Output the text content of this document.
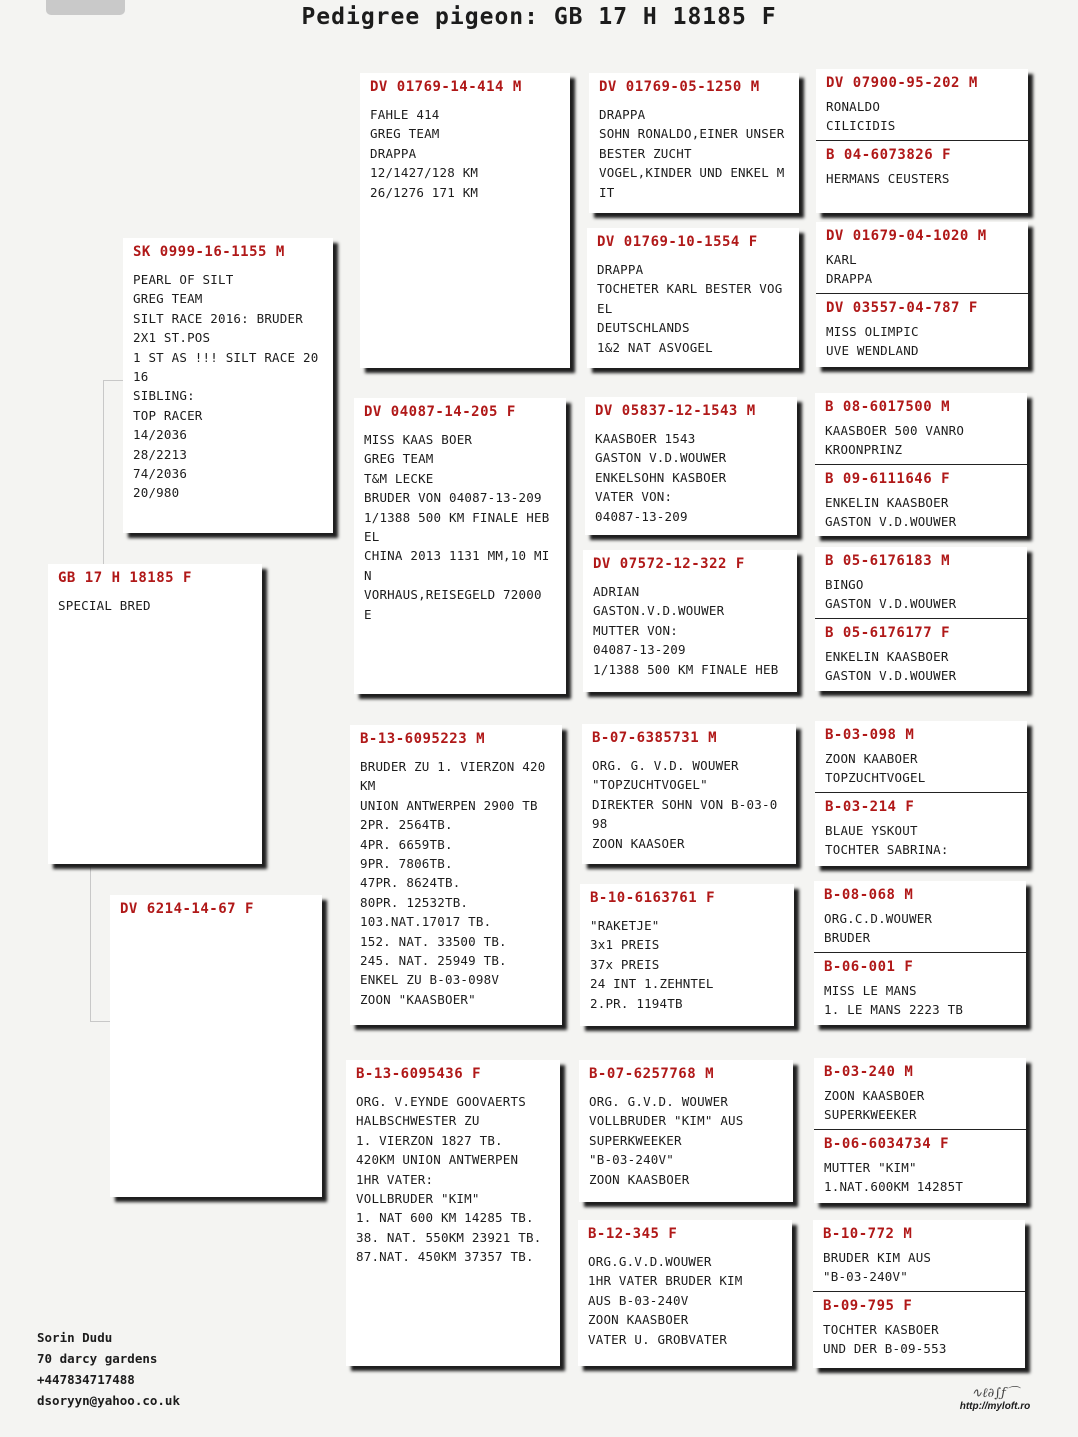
Pedigree pigeon: GB 17 H 18185 F
GB 17 H 18185 F
SPECIAL BRED
SK 0999-16-1155 M
PEARL OF SILT
GREG TEAM
SILT RACE 2016: BRUDER
2X1 ST.POS
1 ST AS !!! SILT RACE 20
16
SIBLING:
TOP RACER
14/2036
28/2213
74/2036
20/980
DV 6214-14-67 F
DV 01769-14-414 M
FAHLE 414
GREG TEAM
DRAPPA
12/1427/128 KM
26/1276 171 KM
DV 04087-14-205 F
MISS KAAS BOER
GREG TEAM
T&M LECKE
BRUDER VON 04087-13-209
1/1388 500 KM FINALE HEB
EL
CHINA 2013 1131 MM,10 MI
N
VORHAUS,REISEGELD 72000
E
B-13-6095223 M
BRUDER ZU 1. VIERZON 420
KM
UNION ANTWERPEN 2900 TB
2PR. 2564TB.
4PR. 6659TB.
9PR. 7806TB.
47PR. 8624TB.
80PR. 12532TB.
103.NAT.17017 TB.
152. NAT. 33500 TB.
245. NAT. 25949 TB.
ENKEL ZU B-03-098V
ZOON "KAASBOER"
B-13-6095436 F
ORG. V.EYNDE GOOVAERTS
HALBSCHWESTER ZU
1. VIERZON 1827 TB.
420KM UNION ANTWERPEN
1HR VATER:
VOLLBRUDER "KIM"
1. NAT 600 KM 14285 TB.
38. NAT. 550KM 23921 TB.
87.NAT. 450KM 37357 TB.
DV 01769-05-1250 M
DRAPPA
SOHN RONALDO,EINER UNSER
BESTER ZUCHT
VOGEL,KINDER UND ENKEL M
IT
DV 01769-10-1554 F
DRAPPA
TOCHETER KARL BESTER VOG
EL
DEUTSCHLANDS
1&2 NAT ASVOGEL
DV 05837-12-1543 M
KAASBOER 1543
GASTON V.D.WOUWER
ENKELSOHN KASBOER
VATER VON:
04087-13-209
DV 07572-12-322 F
ADRIAN
GASTON.V.D.WOUWER
MUTTER VON:
04087-13-209
1/1388 500 KM FINALE HEB
B-07-6385731 M
ORG. G. V.D. WOUWER
"TOPZUCHTVOGEL"
DIREKTER SOHN VON B-03-0
98
ZOON KAASOER
B-10-6163761 F
"RAKETJE"
3x1 PREIS
37x PREIS
24 INT 1.ZEHNTEL
2.PR. 1194TB
B-07-6257768 M
ORG. G.V.D. WOUWER
VOLLBRUDER "KIM" AUS
SUPERKWEEKER
"B-03-240V"
ZOON KAASBOER
B-12-345 F
ORG.G.V.D.WOUWER
1HR VATER BRUDER KIM
AUS B-03-240V
ZOON KAASBOER
VATER U. GROBVATER
DV 07900-95-202 M
RONALDO
CILICIDIS
B 04-6073826 F
HERMANS CEUSTERS
DV 01679-04-1020 M
KARL
DRAPPA
DV 03557-04-787 F
MISS OLIMPIC
UVE WENDLAND
B 08-6017500 M
KAASBOER 500 VANRO
KROONPRINZ
B 09-6111646 F
ENKELIN KAASBOER
GASTON V.D.WOUWER
B 05-6176183 M
BINGO
GASTON V.D.WOUWER
B 05-6176177 F
ENKELIN KAASBOER
GASTON V.D.WOUWER
B-03-098 M
ZOON KAABOER
TOPZUCHTVOGEL
B-03-214 F
BLAUE YSKOUT
TOCHTER SABRINA:
B-08-068 M
ORG.C.D.WOUWER
BRUDER
B-06-001 F
MISS LE MANS
1. LE MANS 2223 TB
B-03-240 M
ZOON KAASBOER
SUPERKWEEKER
B-06-6034734 F
MUTTER "KIM"
1.NAT.600KM 14285T
B-10-772 M
BRUDER KIM AUS
"B-03-240V"
B-09-795 F
TOCHTER KASBOER
UND DER B-09-553
Sorin Dudu
70 darcy gardens
+447834717488
dsoryyn@yahoo.co.uk	∿ℓ∂∫ƒ⌒
http://myloft.ro
